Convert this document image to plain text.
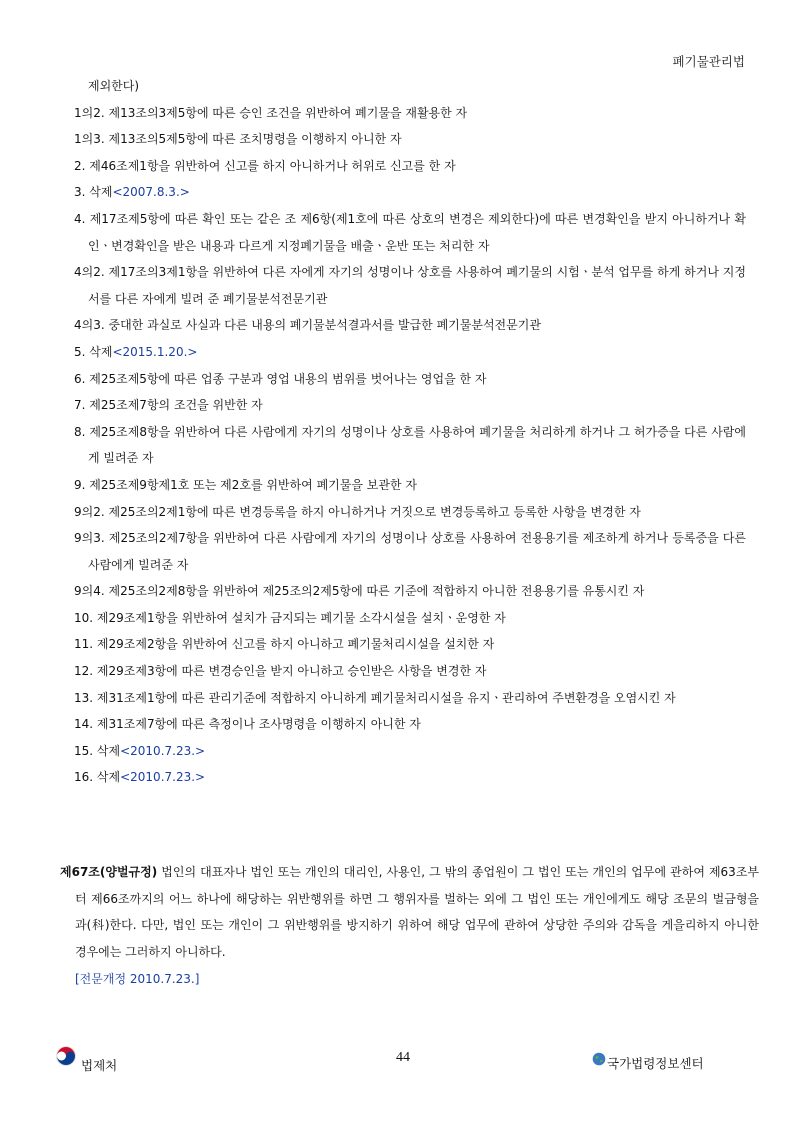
폐기물관리법
제외한다)
1의2. 제13조의3제5항에 따른 승인 조건을 위반하여 폐기물을 재활용한 자
1의3. 제13조의5제5항에 따른 조치명령을 이행하지 아니한 자
2. 제46조제1항을 위반하여 신고를 하지 아니하거나 허위로 신고를 한 자
3. 삭제<2007.8.3.>
4. 제17조제5항에 따른 확인 또는 같은 조 제6항(제1호에 따른 상호의 변경은 제외한다)에 따른 변경확인을 받지 아니하거나 확인ㆍ변경확인을 받은 내용과 다르게 지정폐기물을 배출ㆍ운반 또는 처리한 자
4의2. 제17조의3제1항을 위반하여 다른 자에게 자기의 성명이나 상호를 사용하여 폐기물의 시험ㆍ분석 업무를 하게 하거나 지정서를 다른 자에게 빌려 준 폐기물분석전문기관
4의3. 중대한 과실로 사실과 다른 내용의 폐기물분석결과서를 발급한 폐기물분석전문기관
5. 삭제<2015.1.20.>
6. 제25조제5항에 따른 업종 구분과 영업 내용의 범위를 벗어나는 영업을 한 자
7. 제25조제7항의 조건을 위반한 자
8. 제25조제8항을 위반하여 다른 사람에게 자기의 성명이나 상호를 사용하여 폐기물을 처리하게 하거나 그 허가증을 다른 사람에게 빌려준 자
9. 제25조제9항제1호 또는 제2호를 위반하여 폐기물을 보관한 자
9의2. 제25조의2제1항에 따른 변경등록을 하지 아니하거나 거짓으로 변경등록하고 등록한 사항을 변경한 자
9의3. 제25조의2제7항을 위반하여 다른 사람에게 자기의 성명이나 상호를 사용하여 전용용기를 제조하게 하거나 등록증을 다른 사람에게 빌려준 자
9의4. 제25조의2제8항을 위반하여 제25조의2제5항에 따른 기준에 적합하지 아니한 전용용기를 유통시킨 자
10. 제29조제1항을 위반하여 설치가 금지되는 폐기물 소각시설을 설치ㆍ운영한 자
11. 제29조제2항을 위반하여 신고를 하지 아니하고 폐기물처리시설을 설치한 자
12. 제29조제3항에 따른 변경승인을 받지 아니하고 승인받은 사항을 변경한 자
13. 제31조제1항에 따른 관리기준에 적합하지 아니하게 폐기물처리시설을 유지ㆍ관리하여 주변환경을 오염시킨 자
14. 제31조제7항에 따른 측정이나 조사명령을 이행하지 아니한 자
15. 삭제<2010.7.23.>
16. 삭제<2010.7.23.>
제67조(양벌규정) 법인의 대표자나 법인 또는 개인의 대리인, 사용인, 그 밖의 종업원이 그 법인 또는 개인의 업무에 관하여 제63조부터 제66조까지의 어느 하나에 해당하는 위반행위를 하면 그 행위자를 벌하는 외에 그 법인 또는 개인에게도 해당 조문의 벌금형을 과(科)한다. 다만, 법인 또는 개인이 그 위반행위를 방지하기 위하여 해당 업무에 관하여 상당한 주의와 감독을 게을리하지 아니한 경우에는 그러하지 아니하다.
[전문개정 2010.7.23.]
법제처
44	국가법령정보센터
